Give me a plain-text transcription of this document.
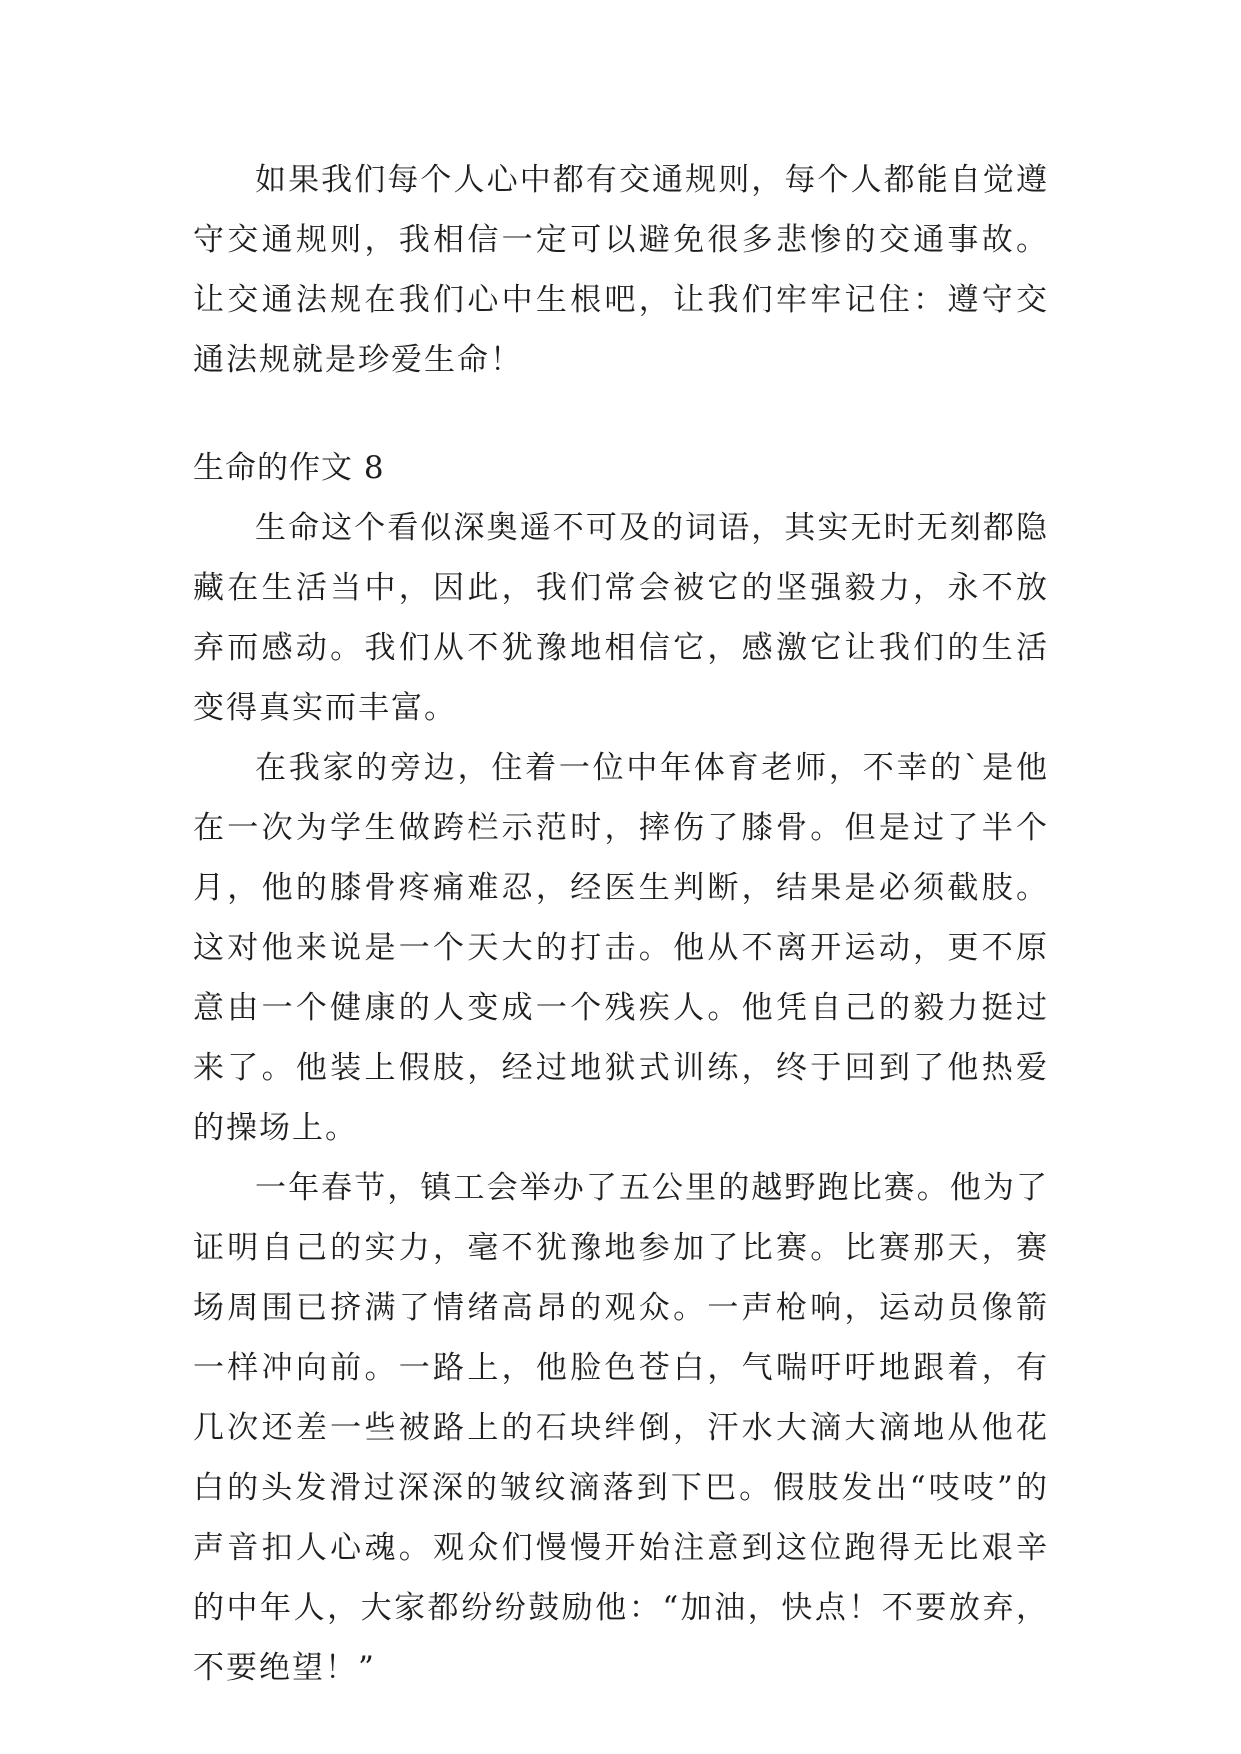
如果我们每个人心中都有交通规则，每个人都能自觉遵守交通规则，我相信一定可以避免很多悲惨的交通事故。让交通法规在我们心中生根吧，让我们牢牢记住：遵守交通法规就是珍爱生命！

生命的作文 8

生命这个看似深奥遥不可及的词语，其实无时无刻都隐藏在生活当中，因此，我们常会被它的坚强毅力，永不放弃而感动。我们从不犹豫地相信它，感激它让我们的生活变得真实而丰富。

在我家的旁边，住着一位中年体育老师，不幸的`是他在一次为学生做跨栏示范时，摔伤了膝骨。但是过了半个月，他的膝骨疼痛难忍，经医生判断，结果是必须截肢。这对他来说是一个天大的打击。他从不离开运动，更不原意由一个健康的人变成一个残疾人。他凭自己的毅力挺过来了。他装上假肢，经过地狱式训练，终于回到了他热爱的操场上。

一年春节，镇工会举办了五公里的越野跑比赛。他为了证明自己的实力，毫不犹豫地参加了比赛。比赛那天，赛场周围已挤满了情绪高昂的观众。一声枪响，运动员像箭一样冲向前。一路上，他脸色苍白，气喘吁吁地跟着，有几次还差一些被路上的石块绊倒，汗水大滴大滴地从他花白的头发滑过深深的皱纹滴落到下巴。假肢发出“吱吱”的声音扣人心魂。观众们慢慢开始注意到这位跑得无比艰辛的中年人，大家都纷纷鼓励他：“加油，快点！不要放弃，不要绝望！”
